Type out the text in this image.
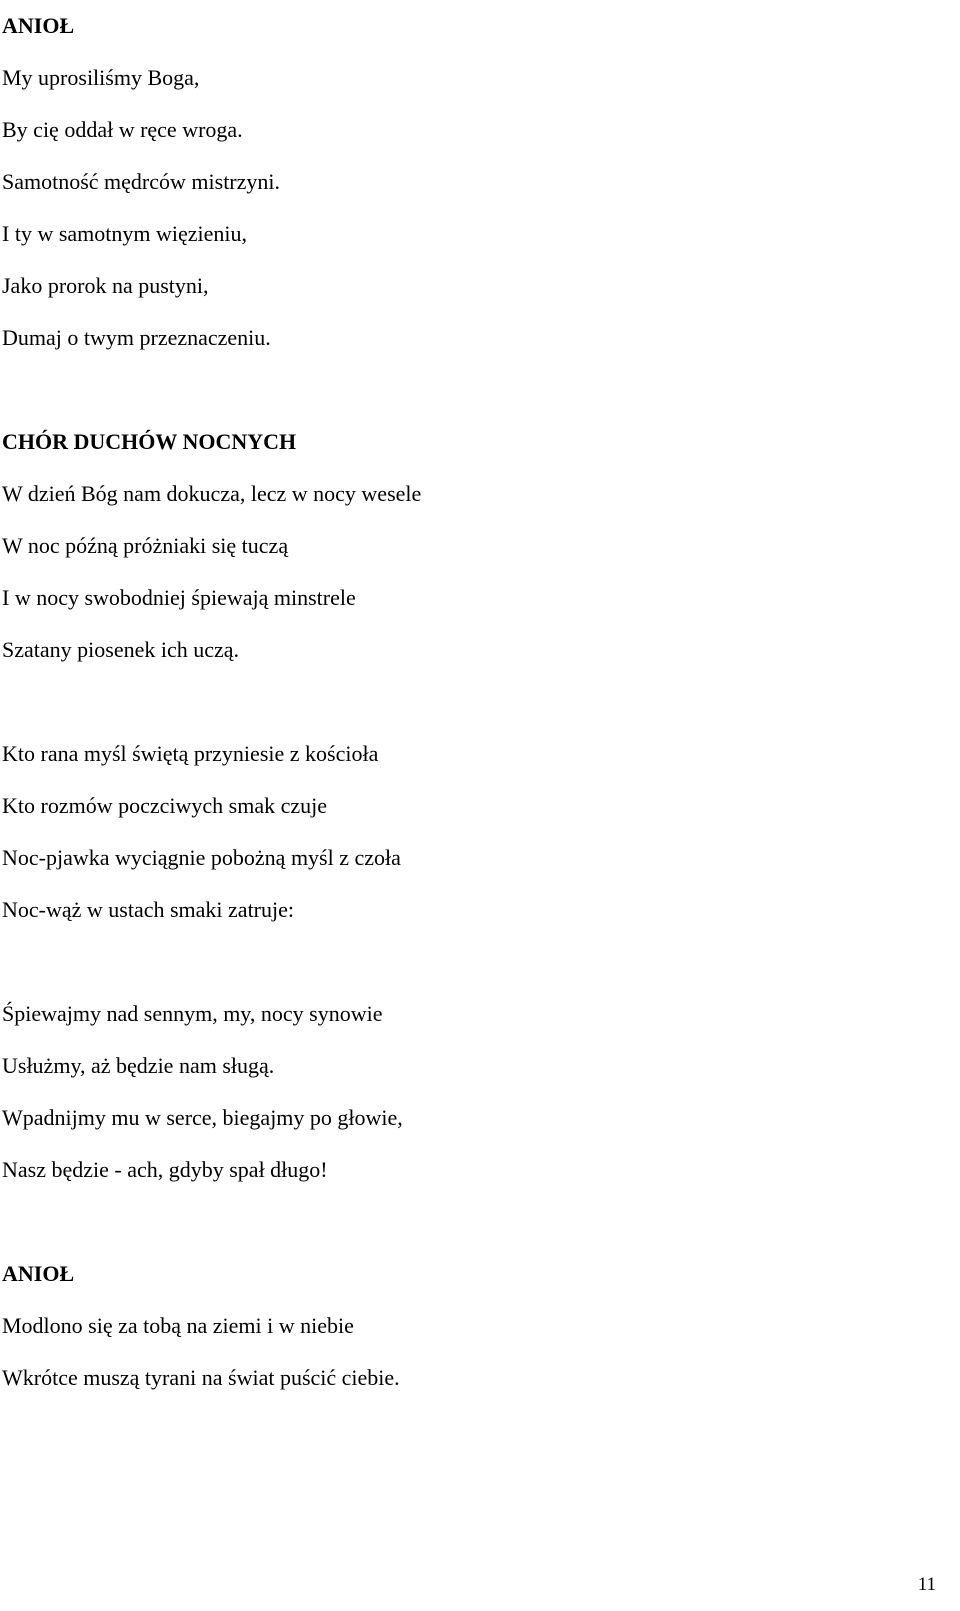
ANIOŁ

My uprosiliśmy Boga,

By cię oddał w ręce wroga.

Samotność mędrców mistrzyni.

I ty w samotnym więzieniu,

Jako prorok na pustyni,

Dumaj o twym przeznaczeniu.

CHÓR DUCHÓW NOCNYCH

W dzień Bóg nam dokucza, lecz w nocy wesele

W noc późną próżniaki się tuczą

I w nocy swobodniej śpiewają minstrele

Szatany piosenek ich uczą.

Kto rana myśl świętą przyniesie z kościoła

Kto rozmów poczciwych smak czuje

Noc-pjawka wyciągnie pobożną myśl z czoła

Noc-wąż w ustach smaki zatruje:

Śpiewajmy nad sennym, my, nocy synowie

Usłużmy, aż będzie nam sługą.

Wpadnijmy mu w serce, biegajmy po głowie,

Nasz będzie - ach, gdyby spał długo!

ANIOŁ

Modlono się za tobą na ziemi i w niebie

Wkrótce muszą tyrani na świat puścić ciebie.

11
